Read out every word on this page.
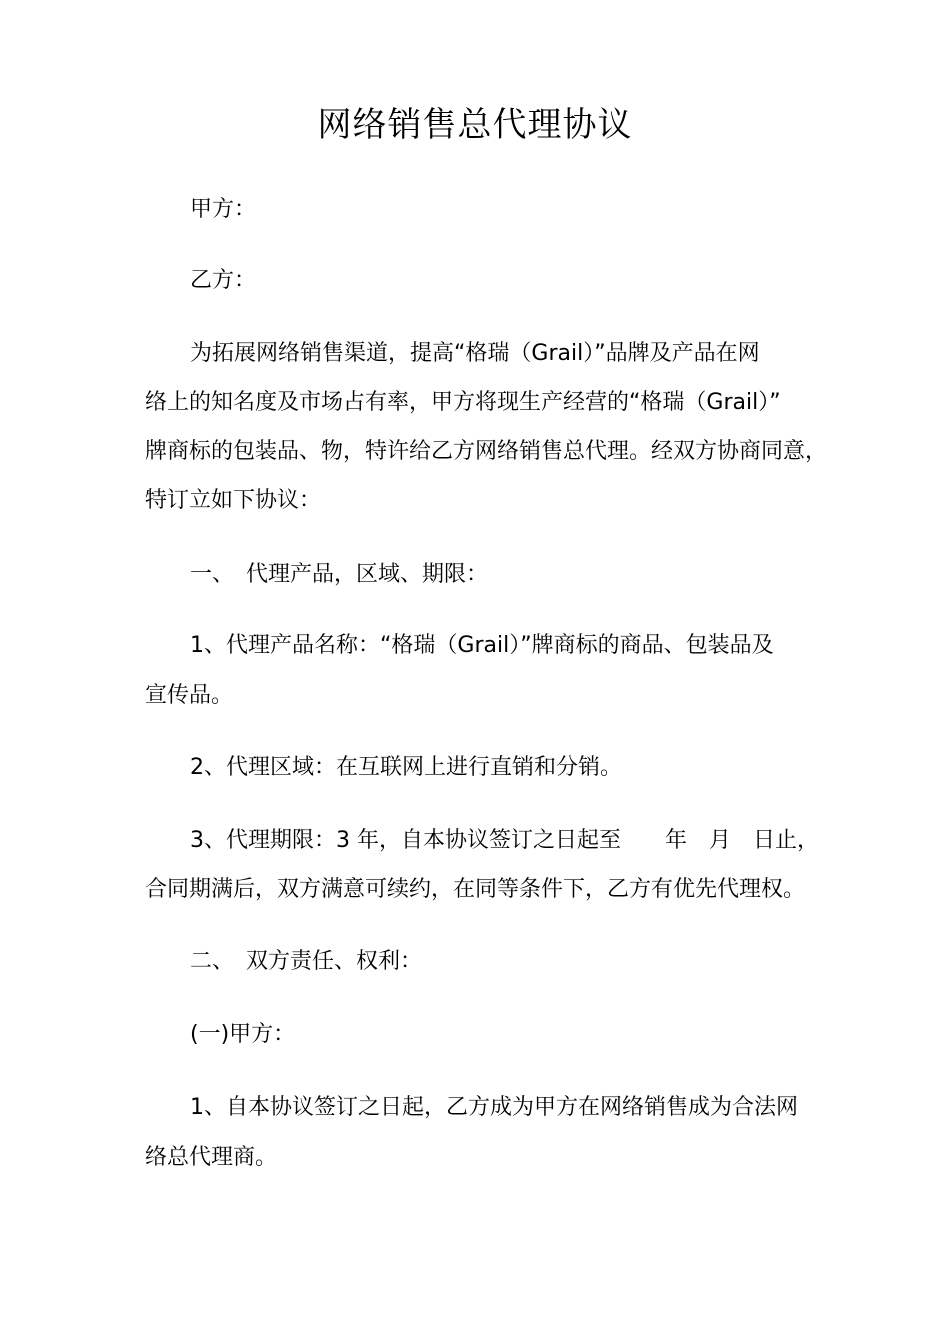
网络销售总代理协议
甲方：
乙方：
为拓展网络销售渠道，提高“格瑞（Grail）”品牌及产品在网
络上的知名度及市场占有率，甲方将现生产经营的“格瑞（Grail）”
牌商标的包装品、物，特许给乙方网络销售总代理。经双方协商同意，
特订立如下协议：
一、 代理产品，区域、期限：
1、代理产品名称：“格瑞（Grail）”牌商标的商品、包装品及
宣传品。
2、代理区域：在互联网上进行直销和分销。
3、代理期限：3 年，自本协议签订之日起至　　年　月　日止，
合同期满后，双方满意可续约，在同等条件下，乙方有优先代理权。
二、 双方责任、权利：
(一)甲方：
1、自本协议签订之日起，乙方成为甲方在网络销售成为合法网
络总代理商。
